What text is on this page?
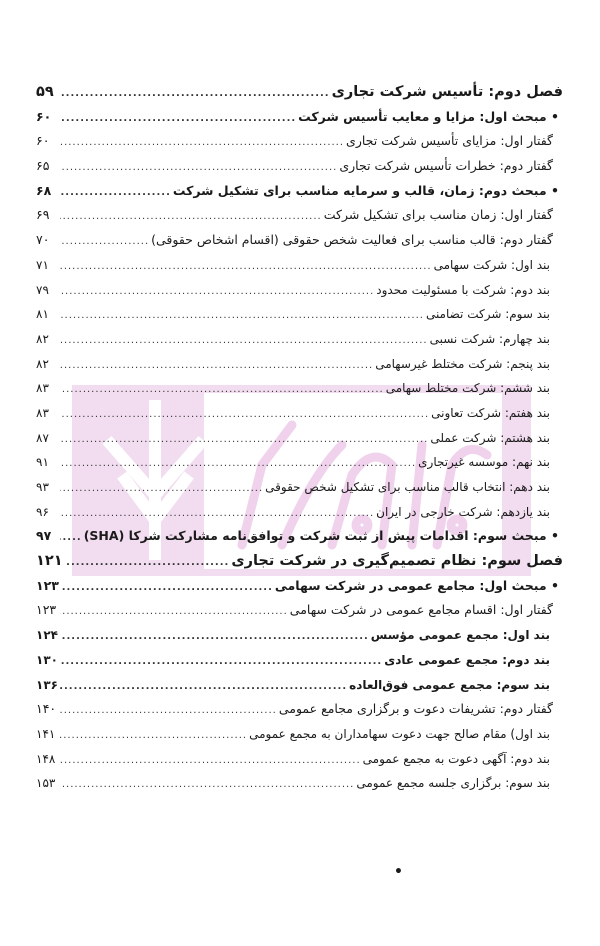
فصل دوم: تأسیس شرکت تجاری
.....
۵۹
• مبحث اول: مزایا و معایب تأسیس شرکت
.....
۶۰
گفتار اول: مزایای تأسیس شرکت تجاری
.....
۶۰
گفتار دوم: خطرات تأسیس شرکت تجاری
.....
۶۵
• مبحث دوم: زمان، قالب و سرمایه مناسب برای تشکیل شرکت
.....
۶۸
گفتار اول: زمان مناسب برای تشکیل شرکت
.....
۶۹
گفتار دوم: قالب مناسب برای فعالیت شخص حقوقی (اقسام اشخاص حقوقی)
.....
۷۰
بند اول: شرکت سهامی
.....
۷۱
بند دوم: شرکت با مسئولیت محدود
.....
۷۹
بند سوم: شرکت تضامنی
.....
۸۱
بند چهارم: شرکت نسبی
.....
۸۲
بند پنجم: شرکت مختلط غیرسهامی
.....
۸۲
بند ششم: شرکت مختلط سهامی
.....
۸۳
بند هفتم: شرکت تعاونی
.....
۸۳
بند هشتم: شرکت عملی
.....
۸۷
بند نهم: موسسه غیرتجاری
.....
۹۱
بند دهم: انتخاب قالب مناسب برای تشکیل شخص حقوقی
.....
۹۳
بند یازدهم: شرکت خارجی در ایران
.....
۹۶
• مبحث سوم: اقدامات پیش از ثبت شرکت و توافق‌نامه مشارکت شرکا (SHA)
.....
۹۷
فصل سوم: نظام تصمیم‌گیری در شرکت تجاری
.....
۱۲۱
• مبحث اول: مجامع عمومی در شرکت سهامی
.....
۱۲۳
گفتار اول: اقسام مجامع عمومی در شرکت سهامی
.....
۱۲۳
بند اول: مجمع عمومی مؤسس
.....
۱۲۴
بند دوم: مجمع عمومی عادی
.....
۱۳۰
بند سوم: مجمع عمومی فوق‌العاده
.....
۱۳۶
گفتار دوم: تشریفات دعوت و برگزاری مجامع عمومی
.....
۱۴۰
بند اول) مقام صالح جهت دعوت سهامداران به مجمع عمومی
.....
۱۴۱
بند دوم: آگهی دعوت به مجمع عمومی
.....
۱۴۸
بند سوم: برگزاری جلسه مجمع عمومی
.....
۱۵۳
•
